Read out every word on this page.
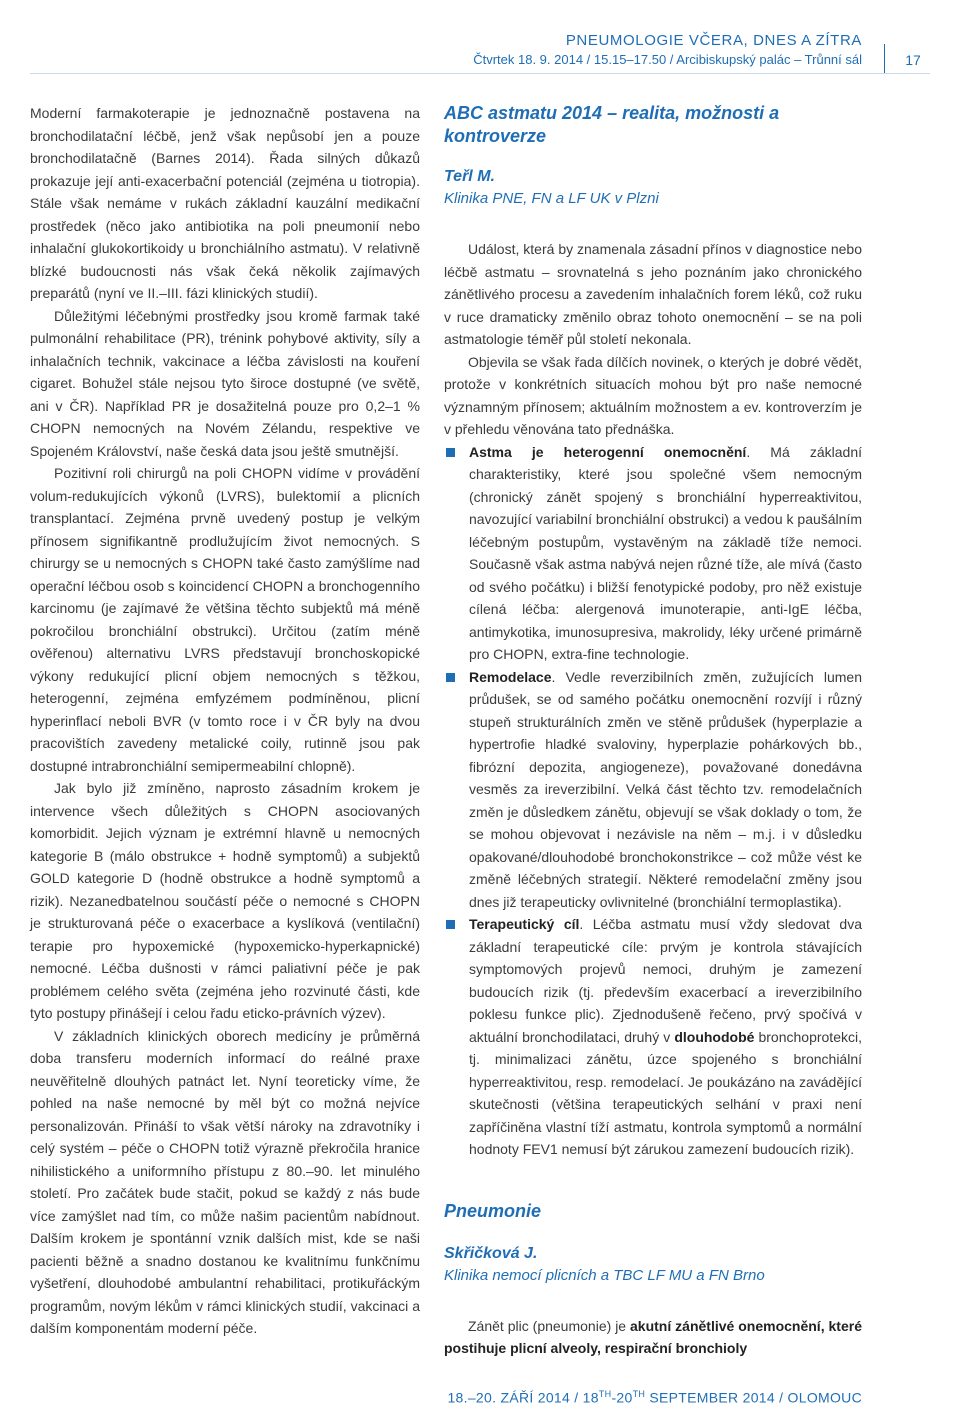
PNEUMOLOGIE VČERA, DNES A ZÍTRA
Čtvrtek 18. 9. 2014 / 15.15–17.50 / Arcibiskupský palác – Trůnní sál	17

Moderní farmakoterapie je jednoznačně postavena na bronchodilatační léčbě, jenž však nepůsobí jen a pouze bronchodilatačně (Barnes 2014). Řada silných důkazů prokazuje její anti-exacerbační potenciál (zejména u tiotropia). Stále však nemáme v rukách základní kauzální medikační prostředek (něco jako antibiotika na poli pneumonií nebo inhalační glukokortikoidy u bronchiálního astmatu). V relativně blízké budoucnosti nás však čeká několik zajímavých preparátů (nyní ve II.–III. fázi klinických studií).

Důležitými léčebnými prostředky jsou kromě farmak také pulmonální rehabilitace (PR), trénink pohybové aktivity, síly a inhalačních technik, vakcinace a léčba závislosti na kouření cigaret. Bohužel stále nejsou tyto široce dostupné (ve světě, ani v ČR). Například PR je dosažitelná pouze pro 0,2–1 % CHOPN nemocných na Novém Zélandu, respektive ve Spojeném Království, naše česká data jsou ještě smutnější.

Pozitivní roli chirurgů na poli CHOPN vidíme v provádění volum-redukujících výkonů (LVRS), bulektomií a plicních transplantací. Zejména prvně uvedený postup je velkým přínosem signifikantně prodlužujícím život nemocných. S chirurgy se u nemocných s CHOPN také často zamýšlíme nad operační léčbou osob s koincidencí CHOPN a bronchogenního karcinomu (je zajímavé že většina těchto subjektů má méně pokročilou bronchiální obstrukci). Určitou (zatím méně ověřenou) alternativu LVRS představují bronchoskopické výkony redukující plicní objem nemocných s těžkou, heterogenní, zejména emfyzémem podmíněnou, plicní hyperinflací neboli BVR (v tomto roce i v ČR byly na dvou pracovištích zavedeny metalické coily, rutinně jsou pak dostupné intrabronchiální semipermeabilní chlopně).

Jak bylo již zmíněno, naprosto zásadním krokem je intervence všech důležitých s CHOPN asociovaných komorbidit. Jejich význam je extrémní hlavně u nemocných kategorie B (málo obstrukce + hodně symptomů) a subjektů GOLD kategorie D (hodně obstrukce a hodně symptomů a rizik). Nezanedbatelnou součástí péče o nemocné s CHOPN je strukturovaná péče o exacerbace a kyslíková (ventilační) terapie pro hypoxemické (hypoxemicko-hyperkapnické) nemocné. Léčba dušnosti v rámci paliativní péče je pak problémem celého světa (zejména jeho rozvinuté části, kde tyto postupy přinášejí i celou řadu eticko-právních výzev).

V základních klinických oborech medicíny je průměrná doba transferu moderních informací do reálné praxe neuvěřitelně dlouhých patnáct let. Nyní teoreticky víme, že pohled na naše nemocné by měl být co možná nejvíce personalizován. Přináší to však větší nároky na zdravotníky i celý systém – péče o CHOPN totiž výrazně překročila hranice nihilistického a uniformního přístupu z 80.–90. let minulého století. Pro začátek bude stačit, pokud se každý z nás bude více zamýšlet nad tím, co může našim pacientům nabídnout. Dalším krokem je spontánní vznik dalších mist, kde se naši pacienti běžně a snadno dostanou ke kvalitnímu funkčnímu vyšetření, dlouhodobé ambulantní rehabilitaci, protikuřáckým programům, novým lékům v rámci klinických studií, vakcinaci a dalším komponentám moderní péče.

ABC astmatu 2014 – realita, možnosti a kontroverze
Teřl M.
Klinika PNE, FN a LF UK v Plzni

Událost, která by znamenala zásadní přínos v diagnostice nebo léčbě astmatu – srovnatelná s jeho poznáním jako chronického zánětlivého procesu a zavedením inhalačních forem léků, což ruku v ruce dramaticky změnilo obraz tohoto onemocnění – se na poli astmatologie téměř půl století nekonala.

Objevila se však řada dílčích novinek, o kterých je dobré vědět, protože v konkrétních situacích mohou být pro naše nemocné významným přínosem; aktuálním možnostem a ev. kontroverzím je v přehledu věnována tato přednáška.

Astma je heterogenní onemocnění. Má základní charakteristiky, které jsou společné všem nemocným (chronický zánět spojený s bronchiální hyperreaktivitou, navozující variabilní bronchiální obstrukci) a vedou k paušálním léčebným postupům, vystavěným na základě tíže nemoci. Současně však astma nabývá nejen různé tíže, ale mívá (často od svého počátku) i bližší fenotypické podoby, pro něž existuje cílená léčba: alergenová imunoterapie, anti-IgE léčba, antimykotika, imunosupresiva, makrolidy, léky určené primárně pro CHOPN, extra-fine technologie.
Remodelace. Vedle reverzibilních změn, zužujících lumen průdušek, se od samého počátku onemocnění rozvíjí i různý stupeň strukturálních změn ve stěně průdušek (hyperplazie a hypertrofie hladké svaloviny, hyperplazie pohárkových bb., fibrózní depozita, angiogeneze), považované donedávna vesměs za ireverzibilní. Velká část těchto tzv. remodelačních změn je důsledkem zánětu, objevují se však doklady o tom, že se mohou objevovat i nezávisle na něm – m.j. i v důsledku opakované/dlouhodobé bronchokonstrikce – což může vést ke změně léčebných strategií. Některé remodelační změny jsou dnes již terapeuticky ovlivnitelné (bronchiální termoplastika).
Terapeutický cíl. Léčba astmatu musí vždy sledovat dva základní terapeutické cíle: prvým je kontrola stávajících symptomových projevů nemoci, druhým je zamezení budoucích rizik (tj. především exacerbací a ireverzibilního poklesu funkce plic). Zjednodušeně řečeno, prvý spočívá v aktuální bronchodilataci, druhý v dlouhodobé bronchoprotekci, tj. minimalizaci zánětu, úzce spojeného s bronchiální hyperreaktivitou, resp. remodelací. Je poukázáno na zavádějící skutečnosti (většina terapeutických selhání v praxi není zapříčiněna vlastní tíží astmatu, kontrola symptomů a normální hodnoty FEV1 nemusí být zárukou zamezení budoucích rizik).
Pneumonie
Skřičková J.
Klinika nemocí plicních a TBC LF MU a FN Brno

Zánět plic (pneumonie) je akutní zánětlivé onemocnění, které postihuje plicní alveoly, respirační bronchioly

18.–20. ZÁŘÍ 2014 / 18TH-20TH SEPTEMBER 2014 / OLOMOUC
